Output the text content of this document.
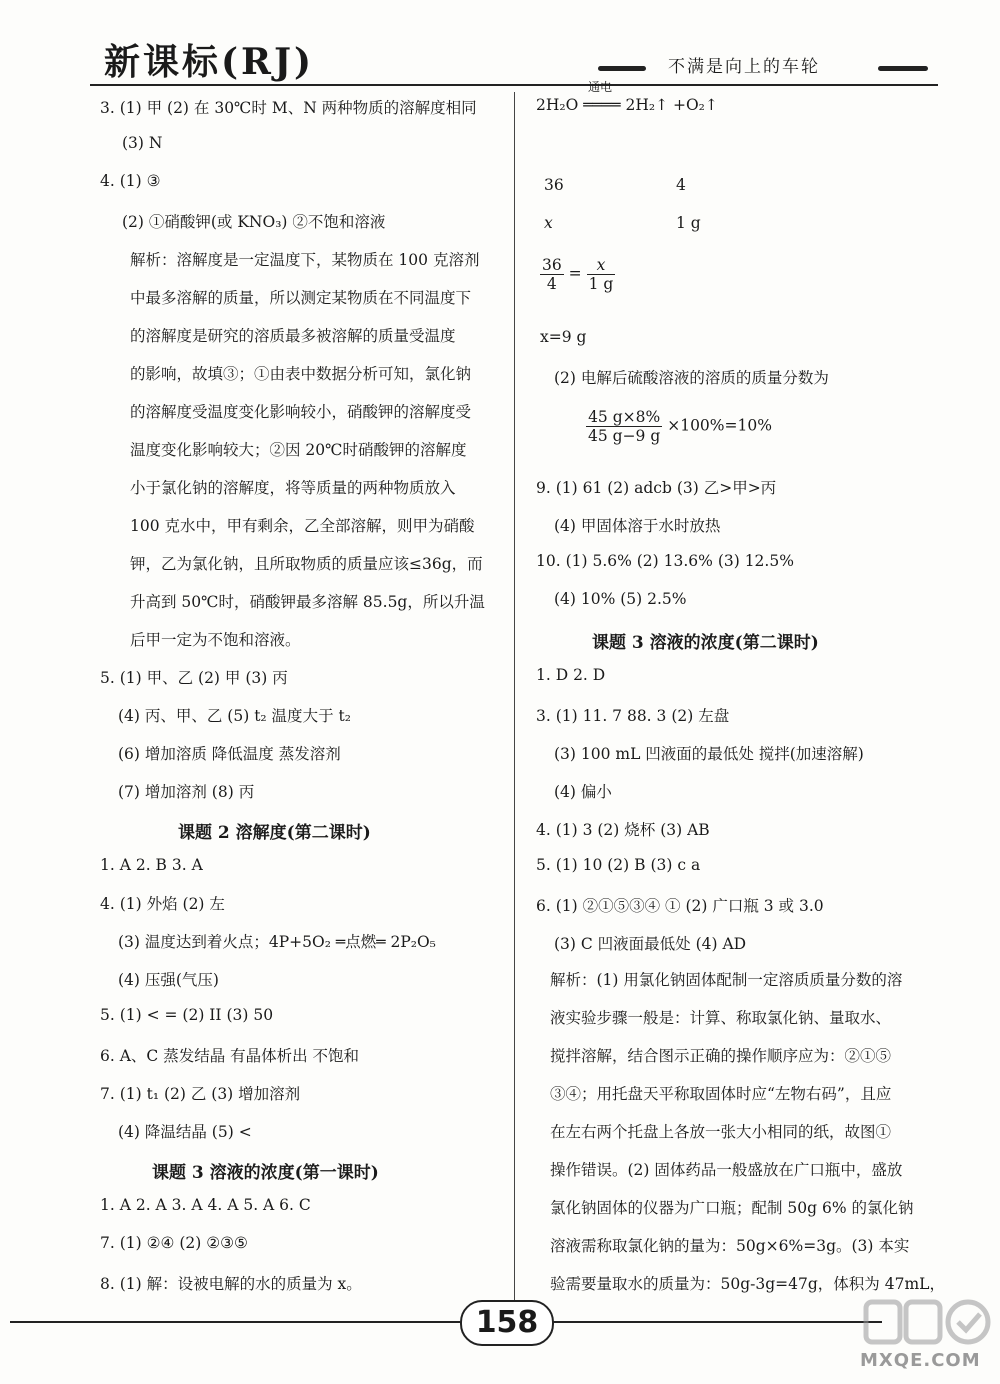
新课标(RJ)	不满是向上的车轮
3. (1) 甲 (2) 在 30℃时 M、N 两种物质的溶解度相同
(3) N
4. (1) ③
(2) ①硝酸钾(或 KNO₃) ②不饱和溶液
解析：溶解度是一定温度下，某物质在 100 克溶剂
中最多溶解的质量，所以测定某物质在不同温度下
的溶解度是研究的溶质最多被溶解的质量受温度
的影响，故填③；①由表中数据分析可知，氯化钠
的溶解度受温度变化影响较小，硝酸钾的溶解度受
温度变化影响较大；②因 20℃时硝酸钾的溶解度
小于氯化钠的溶解度，将等质量的两种物质放入
100 克水中，甲有剩余，乙全部溶解，则甲为硝酸
钾，乙为氯化钠，且所取物质的质量应该≤36g，而
升高到 50℃时，硝酸钾最多溶解 85.5g，所以升温
后甲一定为不饱和溶液。
5. (1) 甲、乙 (2) 甲 (3) 丙
(4) 丙、甲、乙 (5) t₂ 温度大于 t₂
(6) 增加溶质 降低温度 蒸发溶剂
(7) 增加溶剂 (8) 丙
课题 2 溶解度(第二课时)
1. A 2. B 3. A
4. (1) 外焰 (2) 左
(3) 温度达到着火点；4P+5O₂ ═点燃═ 2P₂O₅
(4) 压强(气压)
5. (1) < = (2) II (3) 50
6. A、C 蒸发结晶 有晶体析出 不饱和
7. (1) t₁ (2) 乙 (3) 增加溶剂
(4) 降温结晶 (5) <
课题 3 溶液的浓度(第一课时)
1. A 2. A 3. A 4. A 5. A 6. C
7. (1) ②④ (2) ②③⑤
8. (1) 解：设被电解的水的质量为 x。
通电
2H₂O ════ 2H₂↑ +O₂↑
36	4
x	1 g
$\frac{36}{4} = \frac{x}{1 g}$
x=9 g
(2) 电解后硫酸溶液的溶质的质量分数为
$\frac{45 g\times 8\%}{45 g-9 g} \times 100\%=10\%$
9. (1) 61 (2) adcb (3) 乙>甲>丙
(4) 甲固体溶于水时放热
10. (1) 5.6% (2) 13.6% (3) 12.5%
(4) 10% (5) 2.5%
课题 3 溶液的浓度(第二课时)
1. D 2. D
3. (1) 11. 7 88. 3 (2) 左盘
(3) 100 mL 凹液面的最低处 搅拌(加速溶解)
(4) 偏小
4. (1) 3 (2) 烧杯 (3) AB
5. (1) 10 (2) B (3) c a
6. (1) ②①⑤③④ ① (2) 广口瓶 3 或 3.0
(3) C 凹液面最低处 (4) AD
解析：(1) 用氯化钠固体配制一定溶质质量分数的溶
液实验步骤一般是：计算、称取氯化钠、量取水、
搅拌溶解，结合图示正确的操作顺序应为：②①⑤
③④；用托盘天平称取固体时应“左物右码”，且应
在左右两个托盘上各放一张大小相同的纸，故图①
操作错误。(2) 固体药品一般盛放在广口瓶中，盛放
氯化钠固体的仪器为广口瓶；配制 50g 6% 的氯化钠
溶液需称取氯化钠的量为：50g×6%=3g。(3) 本实
验需要量取水的质量为：50g-3g=47g，体积为 47mL，
158
MXQE.COM
